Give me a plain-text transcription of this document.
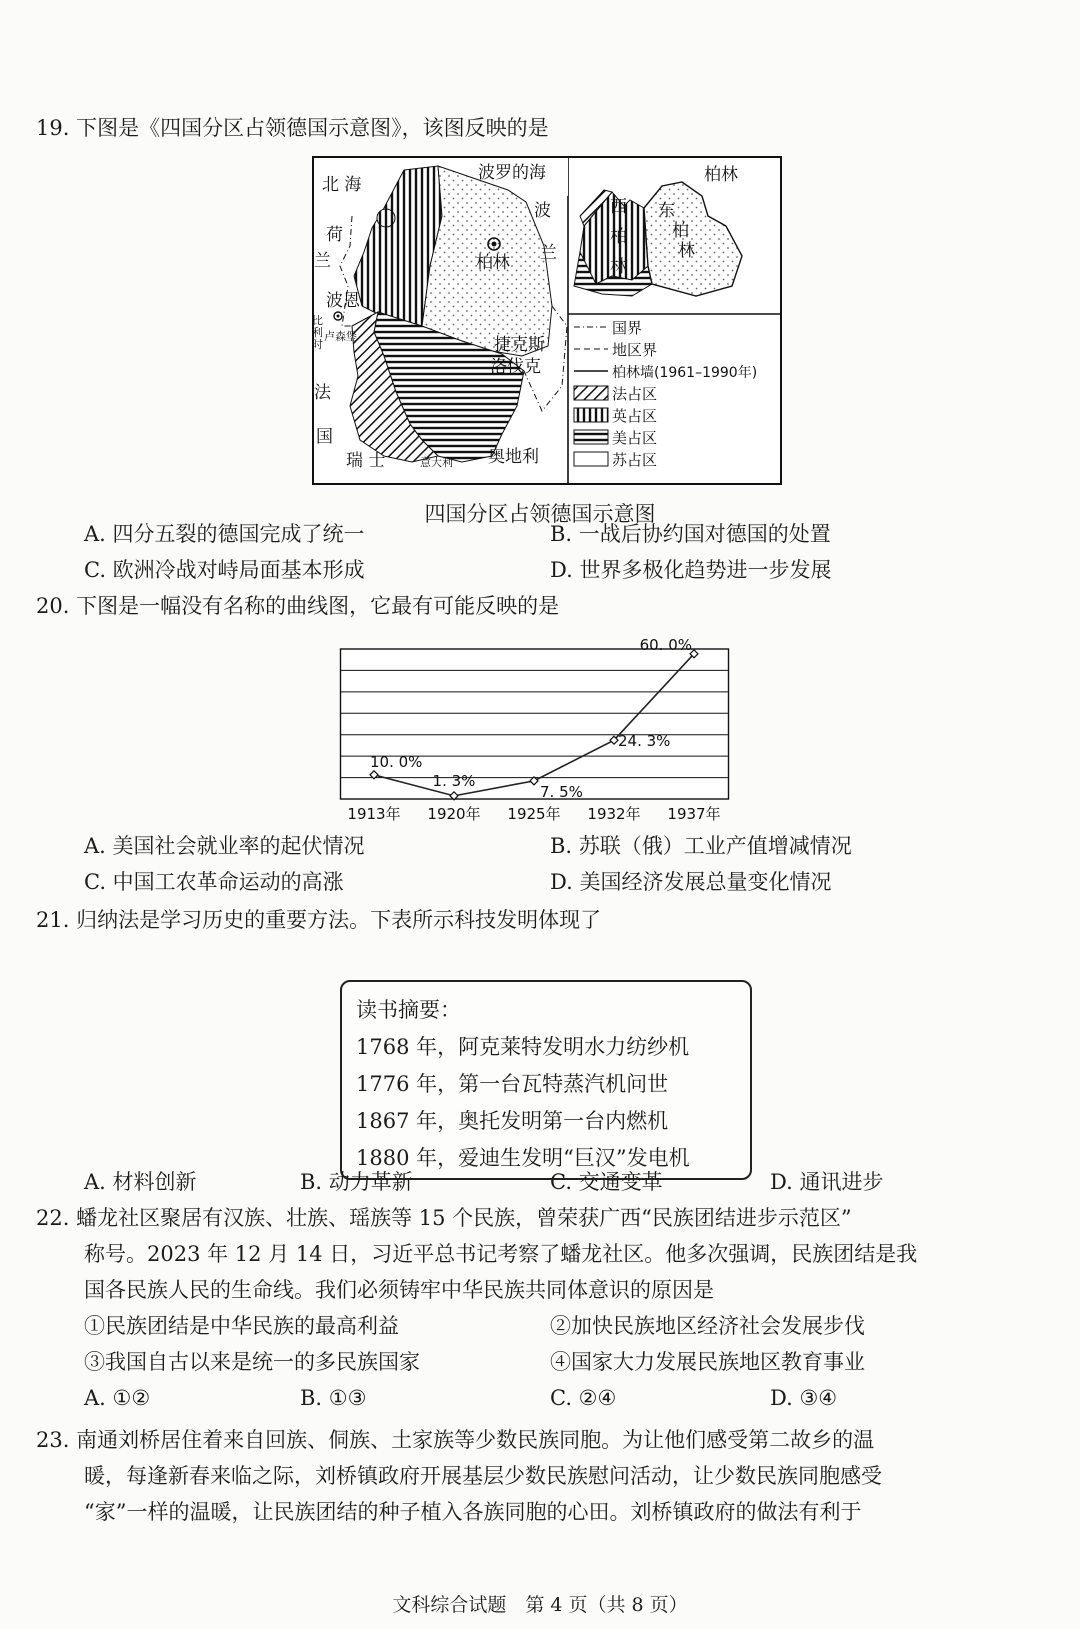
19. 下图是《四国分区占领德国示意图》，该图反映的是
北 海
波罗的海
波
兰
荷
兰	柏林
波恩
比
利
时
卢森堡	捷克斯
洛伐克
法
国
瑞 士	意大利 奥地利
柏林
西
柏
林
东
柏
林
国界
地区界
柏林墙(1961–1990年)
法占区
英占区
美占区
苏占区
四国分区占领德国示意图
A. 四分五裂的德国完成了统一	B. 一战后协约国对德国的处置
C. 欧洲冷战对峙局面基本形成	D. 世界多极化趋势进一步发展
20. 下图是一幅没有名称的曲线图，它最有可能反映的是
10. 0%
1. 3%
7. 5%
24. 3%
60. 0%
1913年 1920年 1925年 1932年 1937年
A. 美国社会就业率的起伏情况	B. 苏联（俄）工业产值增减情况
C. 中国工农革命运动的高涨	D. 美国经济发展总量变化情况
21. 归纳法是学习历史的重要方法。下表所示科技发明体现了
读书摘要：
1768 年，阿克莱特发明水力纺纱机
1776 年，第一台瓦特蒸汽机问世
1867 年，奥托发明第一台内燃机
1880 年，爱迪生发明“巨汉”发电机
A. 材料创新	B. 动力革新	C. 交通变革	D. 通讯进步
22. 蟠龙社区聚居有汉族、壮族、瑶族等 15 个民族，曾荣获广西“民族团结进步示范区”
称号。2023 年 12 月 14 日，习近平总书记考察了蟠龙社区。他多次强调，民族团结是我
国各民族人民的生命线。我们必须铸牢中华民族共同体意识的原因是
①民族团结是中华民族的最高利益	②加快民族地区经济社会发展步伐
③我国自古以来是统一的多民族国家	④国家大力发展民族地区教育事业
A. ①②	B. ①③	C. ②④	D. ③④
23. 南通刘桥居住着来自回族、侗族、土家族等少数民族同胞。为让他们感受第二故乡的温
暖，每逢新春来临之际，刘桥镇政府开展基层少数民族慰问活动，让少数民族同胞感受
“家”一样的温暖，让民族团结的种子植入各族同胞的心田。刘桥镇政府的做法有利于
文科综合试题　第 4 页（共 8 页）
